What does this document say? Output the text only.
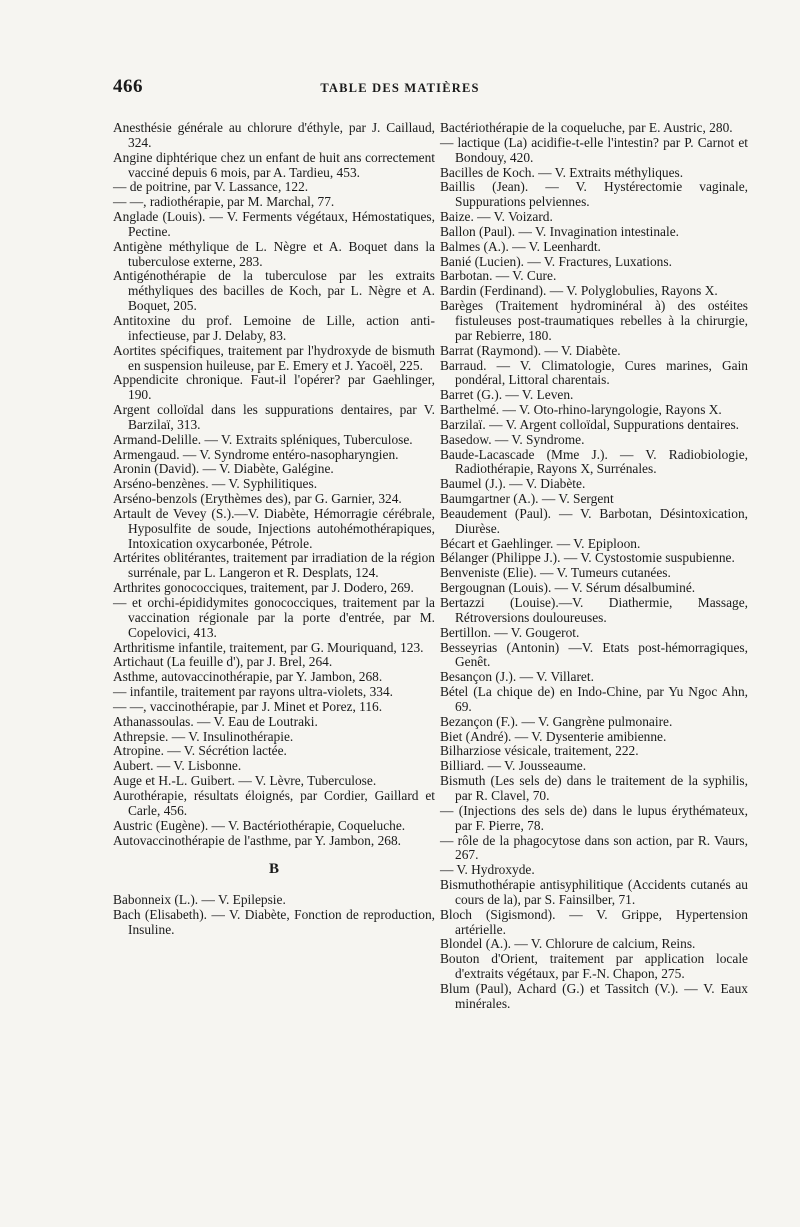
466	TABLE DES MATIÈRES

Anesthésie générale au chlorure d'éthyle, par J. Caillaud, 324.

Angine diphtérique chez un enfant de huit ans correctement vacciné depuis 6 mois, par A. Tardieu, 453.

— de poitrine, par V. Lassance, 122.

— —, radiothérapie, par M. Marchal, 77.

Anglade (Louis). — V. Ferments végétaux, Hémostatiques, Pectine.

Antigène méthylique de L. Nègre et A. Boquet dans la tuberculose externe, 283.

Antigénothérapie de la tuberculose par les extraits méthyliques des bacilles de Koch, par L. Nègre et A. Boquet, 205.

Antitoxine du prof. Lemoine de Lille, action anti-infectieuse, par J. Delaby, 83.

Aortites spécifiques, traitement par l'hydroxyde de bismuth en suspension huileuse, par E. Emery et J. Yacoël, 225.

Appendicite chronique. Faut-il l'opérer? par Gaehlinger, 190.

Argent colloïdal dans les suppurations dentaires, par V. Barzilaï, 313.

Armand-Delille. — V. Extraits spléniques, Tuberculose.

Armengaud. — V. Syndrome entéro-nasopharyngien.

Aronin (David). — V. Diabète, Galégine.

Arséno-benzènes. — V. Syphilitiques.

Arséno-benzols (Erythèmes des), par G. Garnier, 324.

Artault de Vevey (S.).—V. Diabète, Hémorragie cérébrale, Hyposulfite de soude, Injections autohémothérapiques, Intoxication oxycarbonée, Pétrole.

Artérites oblitérantes, traitement par irradiation de la région surrénale, par L. Langeron et R. Desplats, 124.

Arthrites gonococciques, traitement, par J. Dodero, 269.

— et orchi-épididymites gonococciques, traitement par la vaccination régionale par la porte d'entrée, par M. Copelovici, 413.

Arthritisme infantile, traitement, par G. Mouriquand, 123.

Artichaut (La feuille d'), par J. Brel, 264.

Asthme, autovaccinothérapie, par Y. Jambon, 268.

— infantile, traitement par rayons ultra-violets, 334.

— —, vaccinothérapie, par J. Minet et Porez, 116.

Athanassoulas. — V. Eau de Loutraki.

Athrepsie. — V. Insulinothérapie.

Atropine. — V. Sécrétion lactée.

Aubert. — V. Lisbonne.

Auge et H.-L. Guibert. — V. Lèvre, Tuberculose.

Aurothérapie, résultats éloignés, par Cordier, Gaillard et Carle, 456.

Austric (Eugène). — V. Bactériothérapie, Coqueluche.

Autovaccinothérapie de l'asthme, par Y. Jambon, 268.

B

Babonneix (L.). — V. Epilepsie.

Bach (Elisabeth). — V. Diabète, Fonction de reproduction, Insuline.

Bactériothérapie de la coqueluche, par E. Austric, 280.

— lactique (La) acidifie-t-elle l'intestin? par P. Carnot et Bondouy, 420.

Bacilles de Koch. — V. Extraits méthyliques.

Baillis (Jean). — V. Hystérectomie vaginale, Suppurations pelviennes.

Baize. — V. Voizard.

Ballon (Paul). — V. Invagination intestinale.

Balmes (A.). — V. Leenhardt.

Banié (Lucien). — V. Fractures, Luxations.

Barbotan. — V. Cure.

Bardin (Ferdinand). — V. Polyglobulies, Rayons X.

Barèges (Traitement hydrominéral à) des ostéites fistuleuses post-traumatiques rebelles à la chirurgie, par Rebierre, 180.

Barrat (Raymond). — V. Diabète.

Barraud. — V. Climatologie, Cures marines, Gain pondéral, Littoral charentais.

Barret (G.). — V. Leven.

Barthelmé. — V. Oto-rhino-laryngologie, Rayons X.

Barzilaï. — V. Argent colloïdal, Suppurations dentaires.

Basedow. — V. Syndrome.

Baude-Lacascade (Mme J.). — V. Radiobiologie, Radiothérapie, Rayons X, Surrénales.

Baumel (J.). — V. Diabète.

Baumgartner (A.). — V. Sergent

Beaudement (Paul). — V. Barbotan, Désintoxication, Diurèse.

Bécart et Gaehlinger. — V. Epiploon.

Bélanger (Philippe J.). — V. Cystostomie suspubienne.

Benveniste (Elie). — V. Tumeurs cutanées.

Bergougnan (Louis). — V. Sérum désalbuminé.

Bertazzi (Louise).—V. Diathermie, Massage, Rétroversions douloureuses.

Bertillon. — V. Gougerot.

Besseyrias (Antonin) —V. Etats post-hémorragiques, Genêt.

Besançon (J.). — V. Villaret.

Bétel (La chique de) en Indo-Chine, par Yu Ngoc Ahn, 69.

Bezançon (F.). — V. Gangrène pulmonaire.

Biet (André). — V. Dysenterie amibienne.

Bilharziose vésicale, traitement, 222.

Billiard. — V. Jousseaume.

Bismuth (Les sels de) dans le traitement de la syphilis, par R. Clavel, 70.

— (Injections des sels de) dans le lupus érythémateux, par F. Pierre, 78.

— rôle de la phagocytose dans son action, par R. Vaurs, 267.

— V. Hydroxyde.

Bismuthothérapie antisyphilitique (Accidents cutanés au cours de la), par S. Fainsilber, 71.

Bloch (Sigismond). — V. Grippe, Hypertension artérielle.

Blondel (A.). — V. Chlorure de calcium, Reins.

Bouton d'Orient, traitement par application locale d'extraits végétaux, par F.-N. Chapon, 275.

Blum (Paul), Achard (G.) et Tassitch (V.). — V. Eaux minérales.
